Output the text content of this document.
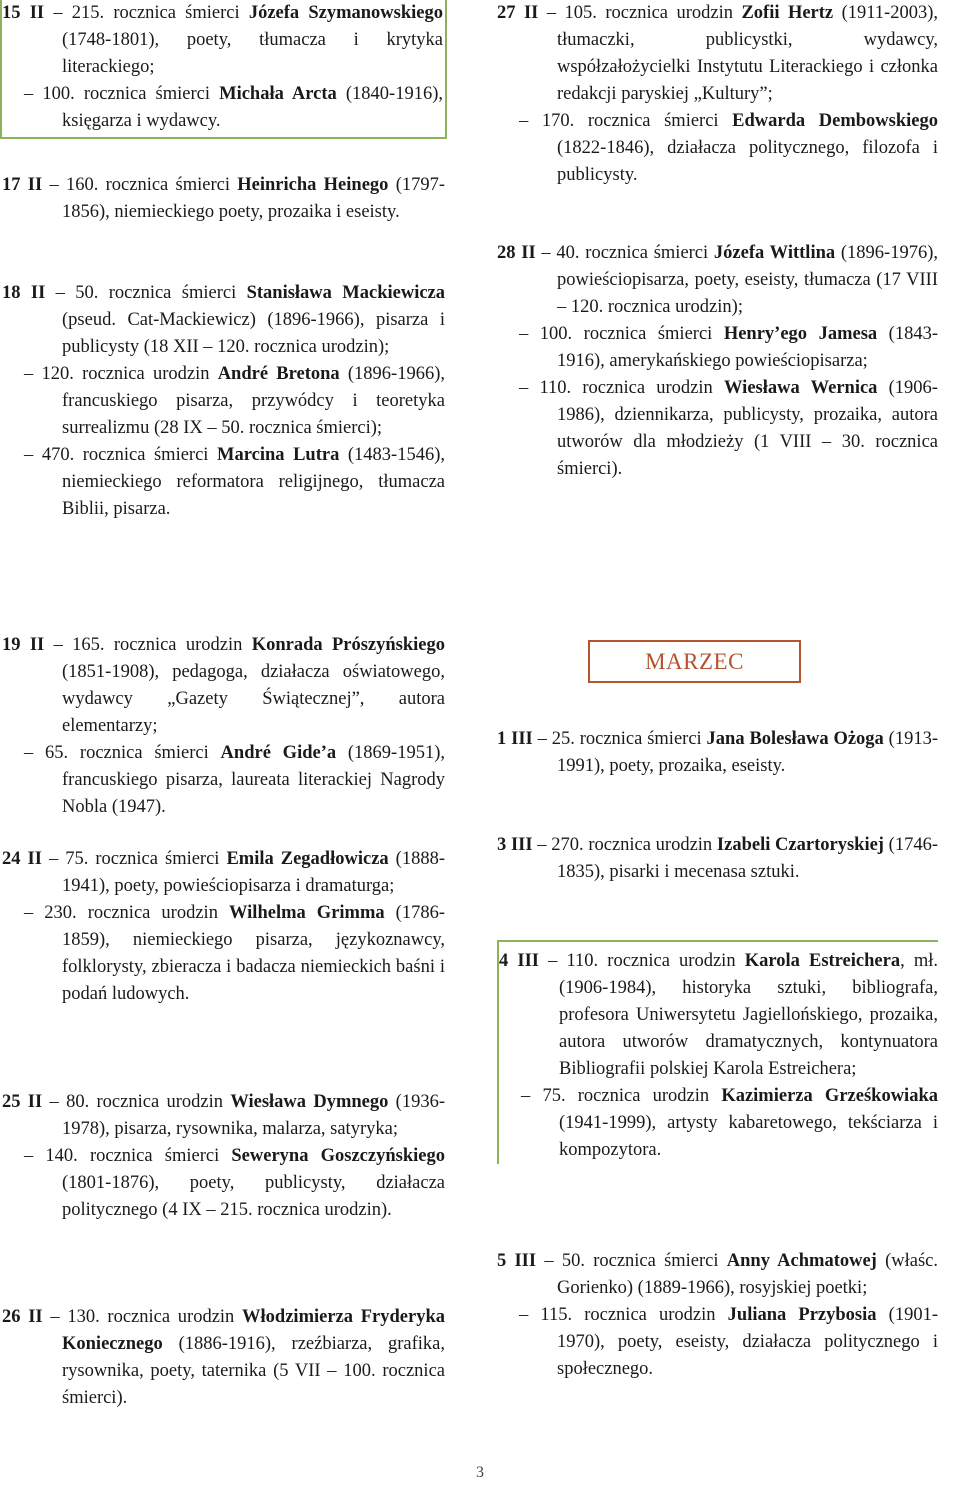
15 II – 215. rocznica śmierci Józefa Szymanowskiego (1748-1801), poety, tłumacza i krytyka literackiego;

– 100. rocznica śmierci Michała Arcta (1840-1916), księgarza i wydawcy.

17 II – 160. rocznica śmierci Heinricha Heinego (1797-1856), niemieckiego poety, prozaika i eseisty.

18 II – 50. rocznica śmierci Stanisława Mackiewicza (pseud. Cat-Mackiewicz) (1896-1966), pisarza i publicysty (18 XII – 120. rocznica urodzin);

– 120. rocznica urodzin André Bretona (1896-1966), francuskiego pisarza, przywódcy i teoretyka surrealizmu (28 IX – 50. rocznica śmierci);

– 470. rocznica śmierci Marcina Lutra (1483-1546), niemieckiego reformatora religijnego, tłumacza Biblii, pisarza.

19 II – 165. rocznica urodzin Konrada Prószyńskiego (1851-1908), pedagoga, działacza oświatowego, wydawcy „Gazety Świątecznej”, autora elementarzy;

– 65. rocznica śmierci André Gide’a (1869-1951), francuskiego pisarza, laureata literackiej Nagrody Nobla (1947).

24 II – 75. rocznica śmierci Emila Zegadłowicza (1888-1941), poety, powieściopisarza i dramaturga;

– 230. rocznica urodzin Wilhelma Grimma (1786-1859), niemieckiego pisarza, językoznawcy, folklorysty, zbieracza i badacza niemieckich baśni i podań ludowych.

25 II – 80. rocznica urodzin Wiesława Dymnego (1936-1978), pisarza, rysownika, malarza, satyryka;

– 140. rocznica śmierci Seweryna Goszczyńskiego (1801-1876), poety, publicysty, działacza politycznego (4 IX – 215. rocznica urodzin).

26 II – 130. rocznica urodzin Włodzimierza Fryderyka Koniecznego (1886-1916), rzeźbiarza, grafika, rysownika, poety, taternika (5 VII – 100. rocznica śmierci).

27 II – 105. rocznica urodzin Zofii Hertz (1911-2003), tłumaczki, publicystki, wydawcy, współzałożycielki Instytutu Literackiego i członka redakcji paryskiej „Kultury”;

– 170. rocznica śmierci Edwarda Dembowskiego (1822-1846), działacza politycznego, filozofa i publicysty.

28 II – 40. rocznica śmierci Józefa Wittlina (1896-1976), powieściopisarza, poety, eseisty, tłumacza (17 VIII – 120. rocznica urodzin);

– 100. rocznica śmierci Henry’ego Jamesa (1843-1916), amerykańskiego powieściopisarza;

– 110. rocznica urodzin Wiesława Wernica (1906-1986), dziennikarza, publicysty, prozaika, autora utworów dla młodzieży (1 VIII – 30. rocznica śmierci).

1 III – 25. rocznica śmierci Jana Bolesława Ożoga (1913-1991), poety, prozaika, eseisty.

3 III – 270. rocznica urodzin Izabeli Czartoryskiej (1746-1835), pisarki i mecenasa sztuki.

4 III – 110. rocznica urodzin Karola Estreichera, mł. (1906-1984), historyka sztuki, bibliografa, profesora Uniwersytetu Jagiellońskiego, prozaika, autora utworów dramatycznych, kontynuatora Bibliografii polskiej Karola Estreichera;

– 75. rocznica urodzin Kazimierza Grześkowiaka (1941-1999), artysty kabaretowego, tekściarza i kompozytora.

5 III – 50. rocznica śmierci Anny Achmatowej (właśc. Gorienko) (1889-1966), rosyjskiej poetki;

– 115. rocznica urodzin Juliana Przybosia (1901-1970), poety, eseisty, działacza politycznego i społecznego.

MARZEC
3
